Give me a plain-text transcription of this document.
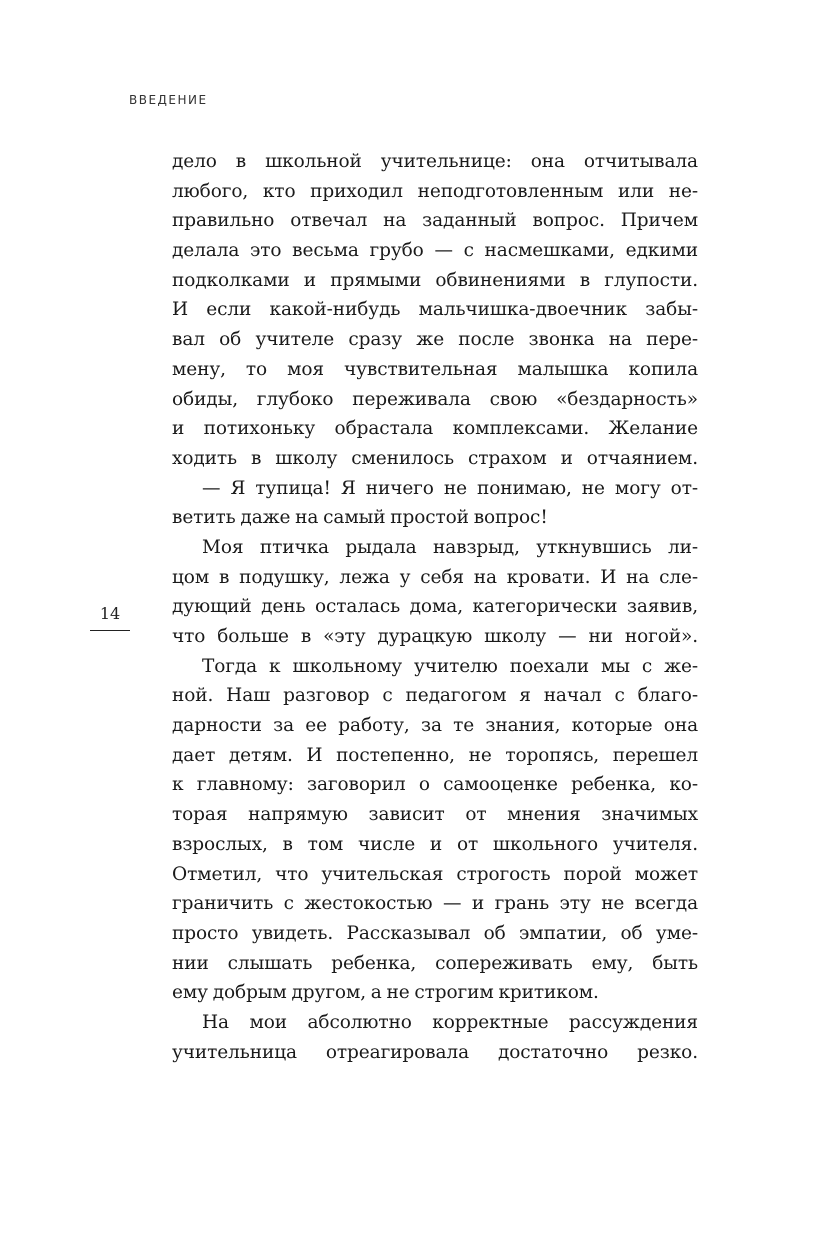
ВВЕДЕНИЕ
14
дело в школьной учительнице: она отчитывала
любого, кто приходил неподготовленным или не-
правильно отвечал на заданный вопрос. Причем
делала это весьма грубо — с насмешками, едкими
подколками и прямыми обвинениями в глупости.
И если какой-нибудь мальчишка-двоечник забы-
вал об учителе сразу же после звонка на пере-
мену, то моя чувствительная малышка копила
обиды, глубоко переживала свою «бездарность»
и потихоньку обрастала комплексами. Желание
ходить в школу сменилось страхом и отчаянием.
— Я тупица! Я ничего не понимаю, не могу от-
ветить даже на самый простой вопрос!
Моя птичка рыдала навзрыд, уткнувшись ли-
цом в подушку, лежа у себя на кровати. И на сле-
дующий день осталась дома, категорически заявив,
что больше в «эту дурацкую школу — ни ногой».
Тогда к школьному учителю поехали мы с же-
ной. Наш разговор с педагогом я начал с благо-
дарности за ее работу, за те знания, которые она
дает детям. И постепенно, не торопясь, перешел
к главному: заговорил о самооценке ребенка, ко-
торая напрямую зависит от мнения значимых
взрослых, в том числе и от школьного учителя.
Отметил, что учительская строгость порой может
граничить с жестокостью — и грань эту не всегда
просто увидеть. Рассказывал об эмпатии, об уме-
нии слышать ребенка, сопереживать ему, быть
ему добрым другом, а не строгим критиком.
На мои абсолютно корректные рассуждения
учительница отреагировала достаточно резко.
